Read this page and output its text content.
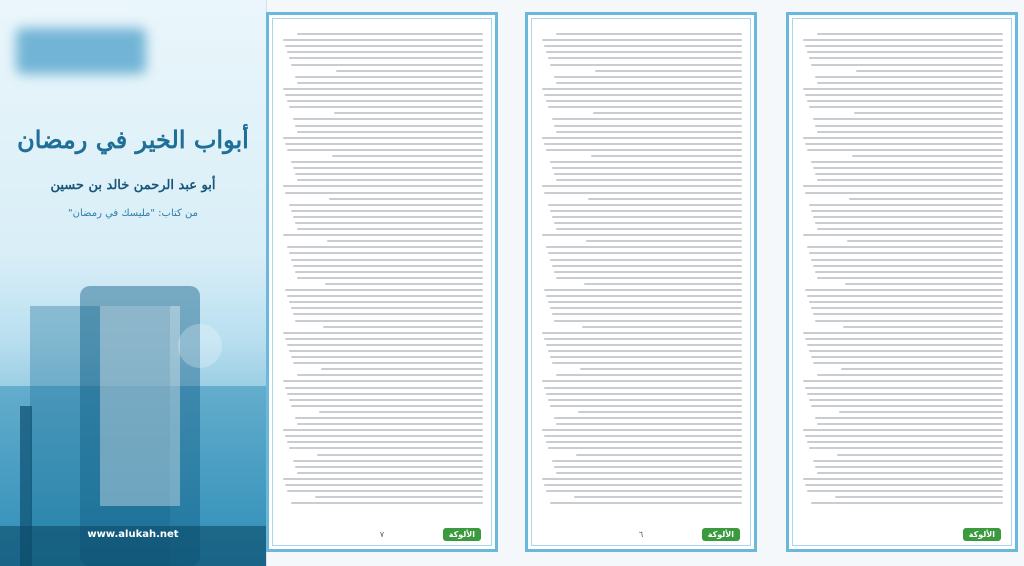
أبواب الخير في رمضان
أبو عبد الرحمن خالد بن حسين
من كتاب: "مليسك في رمضان"
www.alukah.net	٧	الألوكة	٦	الألوكة	الألوكة
